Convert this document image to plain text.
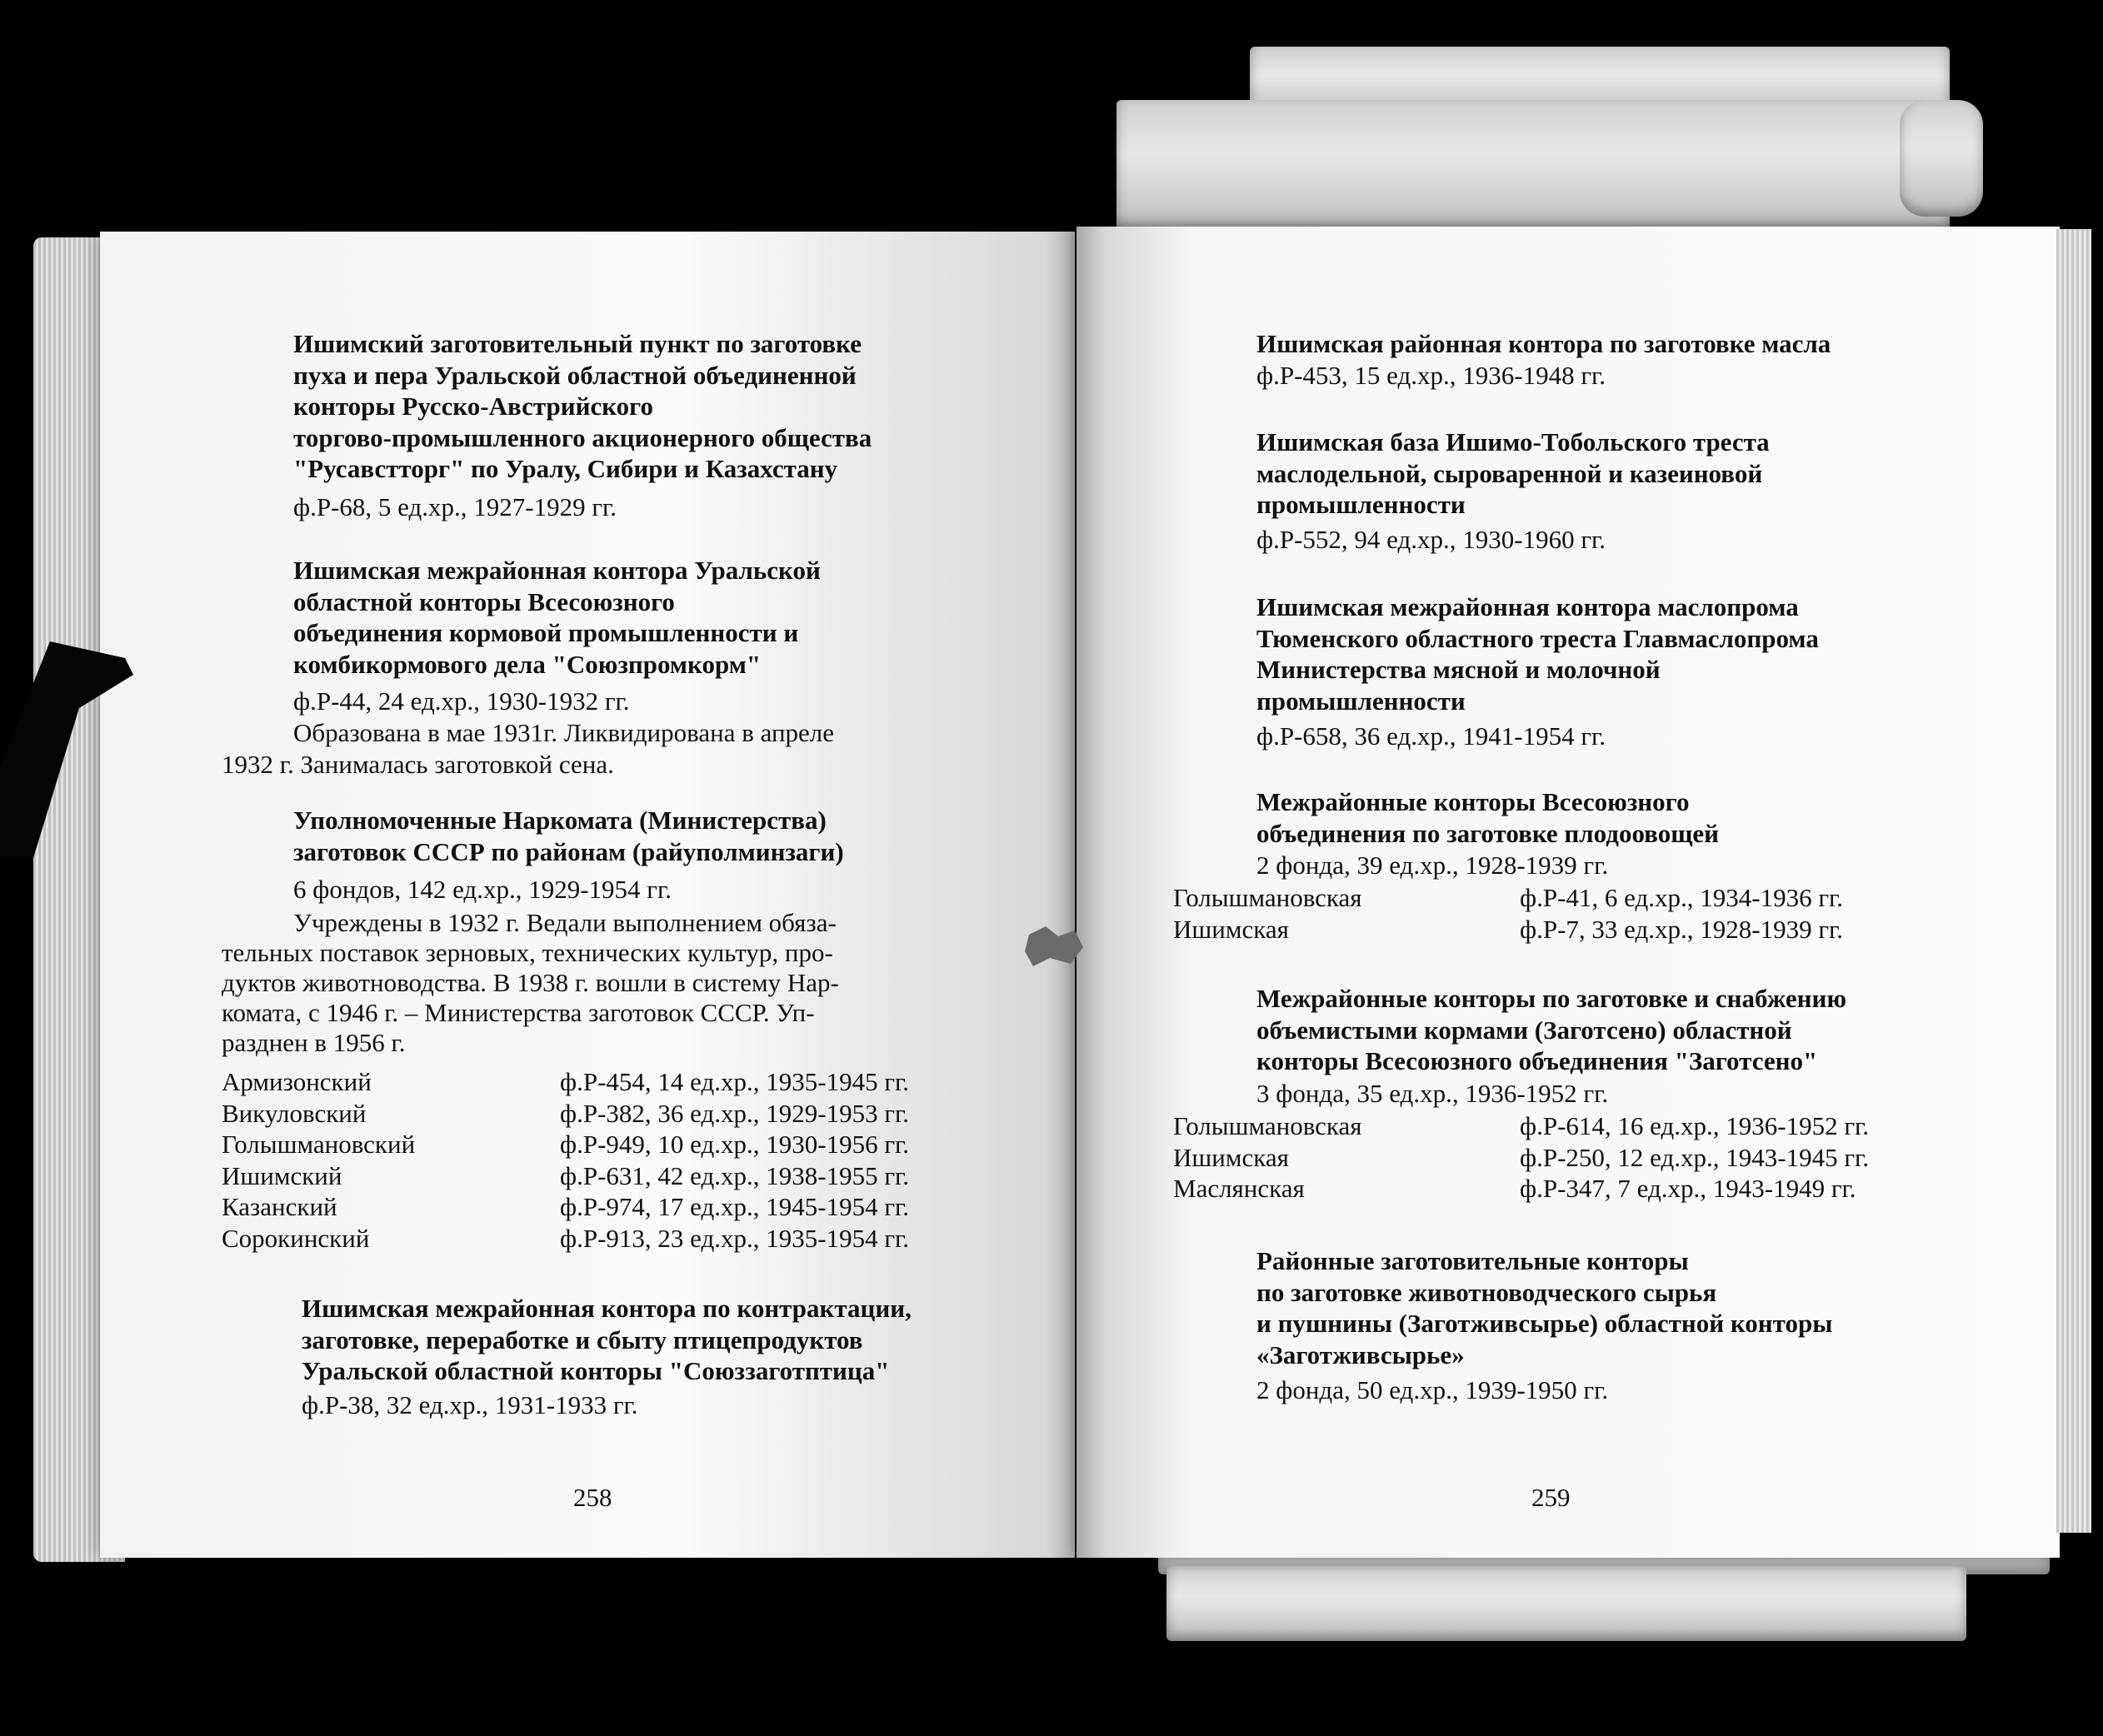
Ишимский заготовительный пункт по заготовке
пуха и пера Уральской областной объединенной
конторы Русско-Австрийского
торгово-промышленного акционерного общества
"Русавстторг" по Уралу, Сибири и Казахстану
ф.Р-68, 5 ед.хр., 1927-1929 гг.
Ишимская межрайонная контора Уральской
областной конторы Всесоюзного
объединения кормовой промышленности и
комбикормового дела "Союзпромкорм"
ф.Р-44, 24 ед.хр., 1930-1932 гг.
Образована в мае 1931г. Ликвидирована в апреле
1932 г. Занималась заготовкой сена.
Уполномоченные Наркомата (Министерства)
заготовок СССР по районам (райуполминзаги)
6 фондов, 142 ед.хр., 1929-1954 гг.
Учреждены в 1932 г. Ведали выполнением обяза-
тельных поставок зерновых, технических культур, про-
дуктов животноводства. В 1938 г. вошли в систему Нар-
комата, с 1946 г. – Министерства заготовок СССР. Уп-
разднен в 1956 г.
Армизонский	ф.Р-454, 14 ед.хр., 1935-1945 гг.
Викуловский	ф.Р-382, 36 ед.хр., 1929-1953 гг.
Голышмановский	ф.Р-949, 10 ед.хр., 1930-1956 гг.
Ишимский	ф.Р-631, 42 ед.хр., 1938-1955 гг.
Казанский	ф.Р-974, 17 ед.хр., 1945-1954 гг.
Сорокинский	ф.Р-913, 23 ед.хр., 1935-1954 гг.
Ишимская межрайонная контора по контрактации,
заготовке, переработке и сбыту птицепродуктов
Уральской областной конторы "Союззаготптица"
ф.Р-38, 32 ед.хр., 1931-1933 гг.
258
Ишимская районная контора по заготовке масла
ф.Р-453, 15 ед.хр., 1936-1948 гг.
Ишимская база Ишимо-Тобольского треста
маслодельной, сыроваренной и казеиновой
промышленности
ф.Р-552, 94 ед.хр., 1930-1960 гг.
Ишимская межрайонная контора маслопрома
Тюменского областного треста Главмаслопрома
Министерства мясной и молочной
промышленности
ф.Р-658, 36 ед.хр., 1941-1954 гг.
Межрайонные конторы Всесоюзного
объединения по заготовке плодоовощей
2 фонда, 39 ед.хр., 1928-1939 гг.
Голышмановская	ф.Р-41, 6 ед.хр., 1934-1936 гг.
Ишимская	ф.Р-7, 33 ед.хр., 1928-1939 гг.
Межрайонные конторы по заготовке и снабжению
объемистыми кормами (Заготсено) областной
конторы Всесоюзного объединения "Заготсено"
3 фонда, 35 ед.хр., 1936-1952 гг.
Голышмановская	ф.Р-614, 16 ед.хр., 1936-1952 гг.
Ишимская	ф.Р-250, 12 ед.хр., 1943-1945 гг.
Маслянская	ф.Р-347, 7 ед.хр., 1943-1949 гг.
Районные заготовительные конторы
по заготовке животноводческого сырья
и пушнины (Заготживсырье) областной конторы
«Заготживсырье»
2 фонда, 50 ед.хр., 1939-1950 гг.
259
